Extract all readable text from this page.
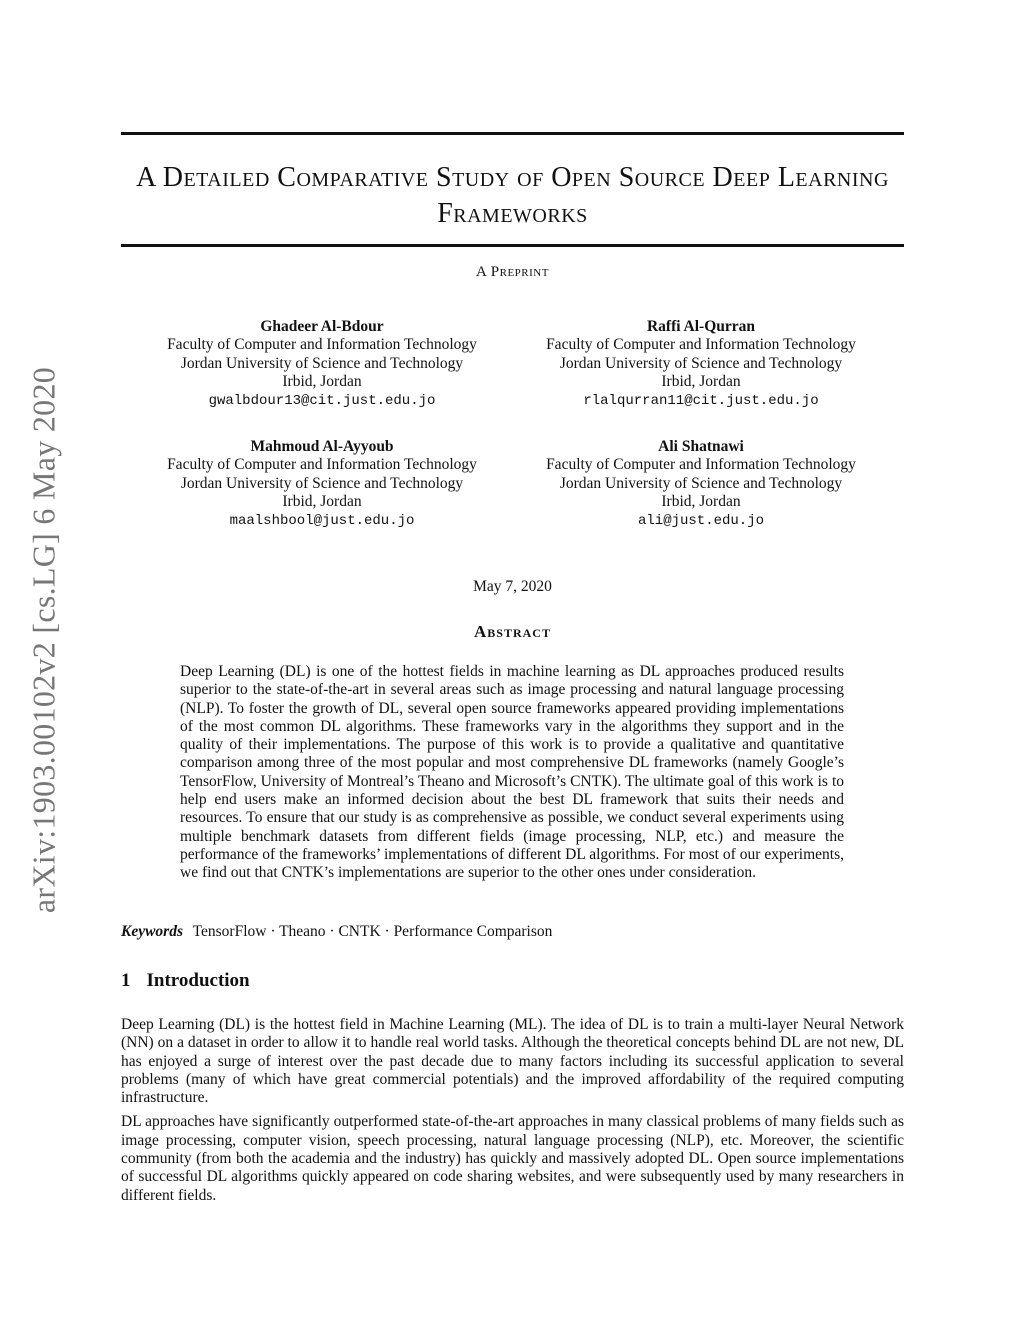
arXiv:1903.00102v2 [cs.LG] 6 May 2020
A Detailed Comparative Study of Open Source Deep Learning Frameworks
A Preprint
Ghadeer Al-Bdour
Faculty of Computer and Information Technology
Jordan University of Science and Technology
Irbid, Jordan
gwalbdour13@cit.just.edu.jo
Raffi Al-Qurran
Faculty of Computer and Information Technology
Jordan University of Science and Technology
Irbid, Jordan
rlalqurran11@cit.just.edu.jo
Mahmoud Al-Ayyoub
Faculty of Computer and Information Technology
Jordan University of Science and Technology
Irbid, Jordan
maalshbool@just.edu.jo
Ali Shatnawi
Faculty of Computer and Information Technology
Jordan University of Science and Technology
Irbid, Jordan
ali@just.edu.jo
May 7, 2020
Abstract

Deep Learning (DL) is one of the hottest fields in machine learning as DL approaches produced results superior to the state-of-the-art in several areas such as image processing and natural language processing (NLP). To foster the growth of DL, several open source frameworks appeared providing implementations of the most common DL algorithms. These frameworks vary in the algorithms they support and in the quality of their implementations. The purpose of this work is to provide a qualitative and quantitative comparison among three of the most popular and most comprehensive DL frameworks (namely Google’s TensorFlow, University of Montreal’s Theano and Microsoft’s CNTK). The ultimate goal of this work is to help end users make an informed decision about the best DL framework that suits their needs and resources. To ensure that our study is as comprehensive as possible, we conduct several experiments using multiple benchmark datasets from different fields (image processing, NLP, etc.) and measure the performance of the frameworks’ implementations of different DL algorithms. For most of our experiments, we find out that CNTK’s implementations are superior to the other ones under consideration.

Keywords TensorFlow · Theano · CNTK · Performance Comparison
1 Introduction

Deep Learning (DL) is the hottest field in Machine Learning (ML). The idea of DL is to train a multi-layer Neural Network (NN) on a dataset in order to allow it to handle real world tasks. Although the theoretical concepts behind DL are not new, DL has enjoyed a surge of interest over the past decade due to many factors including its successful application to several problems (many of which have great commercial potentials) and the improved affordability of the required computing infrastructure.

DL approaches have significantly outperformed state-of-the-art approaches in many classical problems of many fields such as image processing, computer vision, speech processing, natural language processing (NLP), etc. Moreover, the scientific community (from both the academia and the industry) has quickly and massively adopted DL. Open source implementations of successful DL algorithms quickly appeared on code sharing websites, and were subsequently used by many researchers in different fields.
